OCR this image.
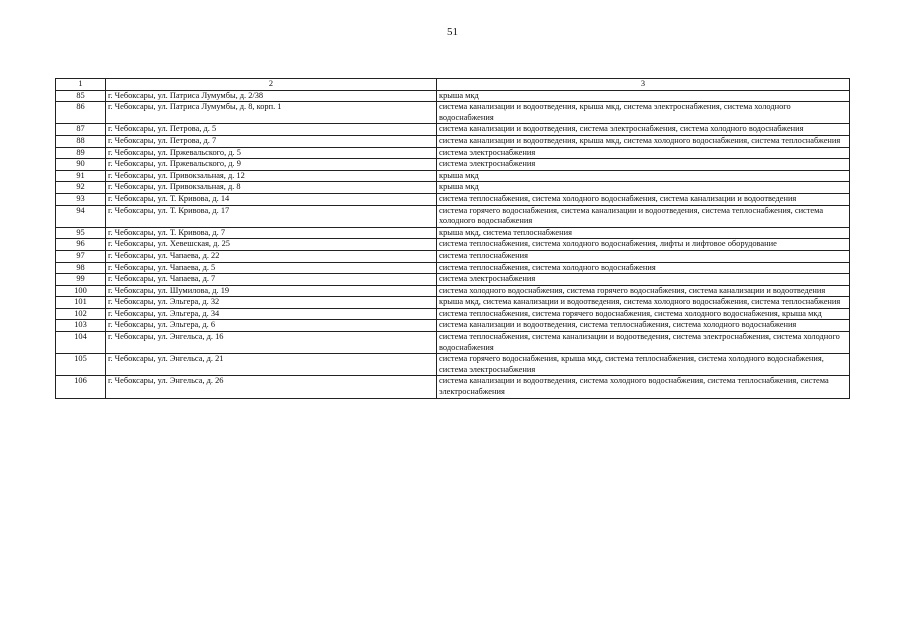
51
1	2	3
85	г. Чебоксары, ул. Патриса Лумумбы, д. 2/38	крыша мкд
86	г. Чебоксары, ул. Патриса Лумумбы, д. 8, корп. 1	система канализации и водоотведения, крыша мкд, система электроснабжения, система холодного водоснабжения
87	г. Чебоксары, ул. Петрова, д. 5	система канализации и водоотведения, система электроснабжения, система холодного водоснабжения
88	г. Чебоксары, ул. Петрова, д. 7	система канализации и водоотведения, крыша мкд, система холодного водоснабжения, система теплоснабжения
89	г. Чебоксары, ул. Пржевальского, д. 5	система электроснабжения
90	г. Чебоксары, ул. Пржевальского, д. 9	система электроснабжения
91	г. Чебоксары, ул. Привокзальная, д. 12	крыша мкд
92	г. Чебоксары, ул. Привокзальная, д. 8	крыша мкд
93	г. Чебоксары, ул. Т. Кривова, д. 14	система теплоснабжения, система холодного водоснабжения, система канализации и водоотведения
94	г. Чебоксары, ул. Т. Кривова, д. 17	система горячего водоснабжения, система канализации и водоотведения, система теплоснабжения, система холодного водоснабжения
95	г. Чебоксары, ул. Т. Кривова, д. 7	крыша мкд, система теплоснабжения
96	г. Чебоксары, ул. Хевешская, д. 25	система теплоснабжения, система холодного водоснабжения, лифты и лифтовое оборудование
97	г. Чебоксары, ул. Чапаева, д. 22	система теплоснабжения
98	г. Чебоксары, ул. Чапаева, д. 5	система теплоснабжения, система холодного водоснабжения
99	г. Чебоксары, ул. Чапаева, д. 7	система электроснабжения
100	г. Чебоксары, ул. Шумилова, д. 19	система холодного водоснабжения, система горячего водоснабжения, система канализации и водоотведения
101	г. Чебоксары, ул. Эльгера, д. 32	крыша мкд, система канализации и водоотведения, система холодного водоснабжения, система теплоснабжения
102	г. Чебоксары, ул. Эльгера, д. 34	система теплоснабжения, система горячего водоснабжения, система холодного водоснабжения, крыша мкд
103	г. Чебоксары, ул. Эльгера, д. 6	система канализации и водоотведения, система теплоснабжения, система холодного водоснабжения
104	г. Чебоксары, ул. Энгельса, д. 16	система теплоснабжения, система канализации и водоотведения, система электроснабжения, система холодного водоснабжения
105	г. Чебоксары, ул. Энгельса, д. 21	система горячего водоснабжения, крыша мкд, система теплоснабжения, система холодного водоснабжения, система электроснабжения
106	г. Чебоксары, ул. Энгельса, д. 26	система канализации и водоотведения, система холодного водоснабжения, система теплоснабжения, система электроснабжения
